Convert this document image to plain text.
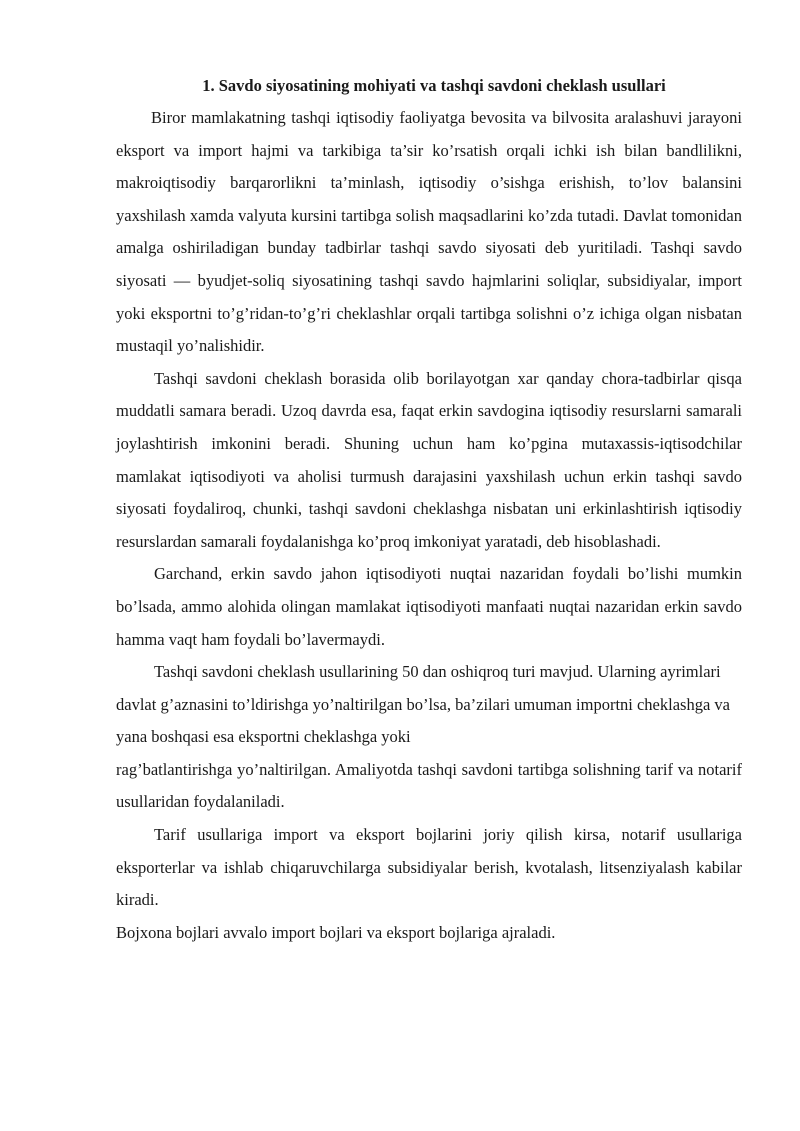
1. Savdo siyosatining mohiyati va tashqi savdoni cheklash usullari

Biror mamlakatning tashqi iqtisodiy faoliyatga bevosita va bilvosita aralashuvi jarayoni eksport va import hajmi va tarkibiga ta’sir ko’rsatish orqali ichki ish bilan bandlilikni, makroiqtisodiy barqarorlikni ta’minlash, iqtisodiy o’sishga erishish, to’lov balansini yaxshilash xamda valyuta kursini tartibga solish maqsadlarini ko’zda tutadi. Davlat tomonidan amalga oshiriladigan bunday tadbirlar tashqi savdo siyosati deb yuritiladi. Tashqi savdo siyosati — byudjet-soliq siyosatining tashqi savdo hajmlarini soliqlar, subsidiyalar, import yoki eksportni to’g’ridan-to’g’ri cheklashlar orqali tartibga solishni o’z ichiga olgan nisbatan mustaqil yo’nalishidir.

Tashqi savdoni cheklash borasida olib borilayotgan xar qanday chora-tadbirlar qisqa muddatli samara beradi. Uzoq davrda esa, faqat erkin savdogina iqtisodiy resurslarni samarali joylashtirish imkonini beradi. Shuning uchun ham ko’pgina mutaxassis-iqtisodchilar mamlakat iqtisodiyoti va aholisi turmush darajasini yaxshilash uchun erkin tashqi savdo siyosati foydaliroq, chunki, tashqi savdoni cheklashga nisbatan uni erkinlashtirish iqtisodiy resurslardan samarali foydalanishga ko’proq imkoniyat yaratadi, deb hisoblashadi.

Garchand, erkin savdo jahon iqtisodiyoti nuqtai nazaridan foydali bo’lishi mumkin bo’lsada, ammo alohida olingan mamlakat iqtisodiyoti manfaati nuqtai nazaridan erkin savdo hamma vaqt ham foydali bo’lavermaydi.

Tashqi savdoni cheklash usullarining 50 dan oshiqroq turi mavjud. Ularning ayrimlari davlat g’aznasini to’ldirishga yo’naltirilgan bo’lsa, ba’zilari umuman importni cheklashga va yana boshqasi esa eksportni cheklashga yoki

rag’batlantirishga yo’naltirilgan. Amaliyotda tashqi savdoni tartibga solishning tarif va notarif usullaridan foydalaniladi.

Tarif usullariga import va eksport bojlarini joriy qilish kirsa, notarif usullariga eksporterlar va ishlab chiqaruvchilarga subsidiyalar berish, kvotalash, litsenziyalash kabilar kiradi.

Bojxona bojlari avvalo import bojlari va eksport bojlariga ajraladi.
